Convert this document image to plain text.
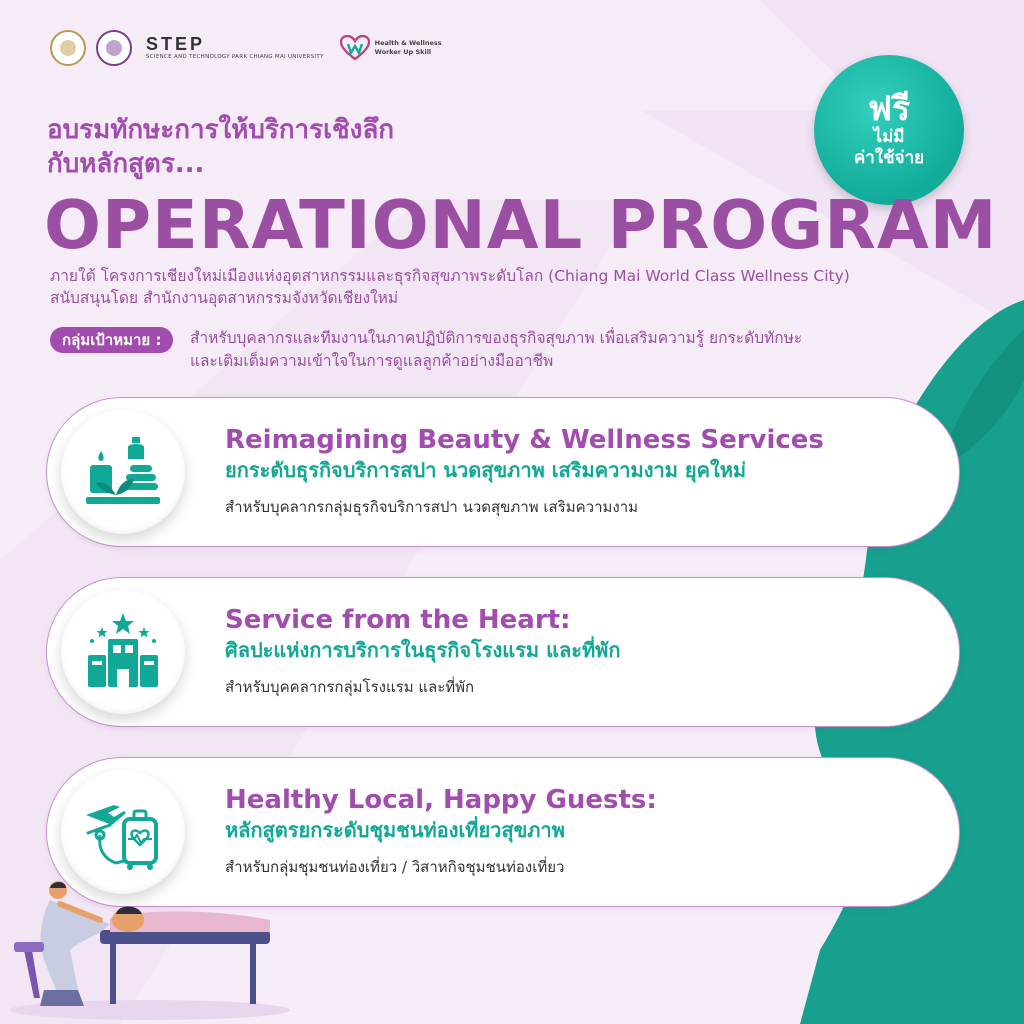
STEP
SCIENCE AND TECHNOLOGY PARK CHIANG MAI UNIVERSITY
Health & Wellness
Worker Up Skill
ฟรี
ไม่มี
ค่าใช้จ่าย
อบรมทักษะการให้บริการเชิงลึก
กับหลักสูตร...
OPERATIONAL PROGRAM
ภายใต้ โครงการเชียงใหม่เมืองแห่งอุตสาหกรรมและธุรกิจสุขภาพระดับโลก (Chiang Mai World Class Wellness City)
สนับสนุนโดย สำนักงานอุตสาหกรรมจังหวัดเชียงใหม่
กลุ่มเป้าหมาย :	สำหรับบุคลากรและทีมงานในภาคปฏิบัติการของธุรกิจสุขภาพ เพื่อเสริมความรู้ ยกระดับทักษะ
และเติมเต็มความเข้าใจในการดูแลลูกค้าอย่างมืออาชีพ
Reimagining Beauty & Wellness Services
ยกระดับธุรกิจบริการสปา นวดสุขภาพ เสริมความงาม ยุคใหม่
สำหรับบุคลากรกลุ่มธุรกิจบริการสปา นวดสุขภาพ เสริมความงาม
Service from the Heart:
ศิลปะแห่งการบริการในธุรกิจโรงแรม และที่พัก
สำหรับบุคคลากรกลุ่มโรงแรม และที่พัก
Healthy Local, Happy Guests:
หลักสูตรยกระดับชุมชนท่องเที่ยวสุขภาพ
สำหรับกลุ่มชุมชนท่องเที่ยว / วิสาหกิจชุมชนท่องเที่ยว
